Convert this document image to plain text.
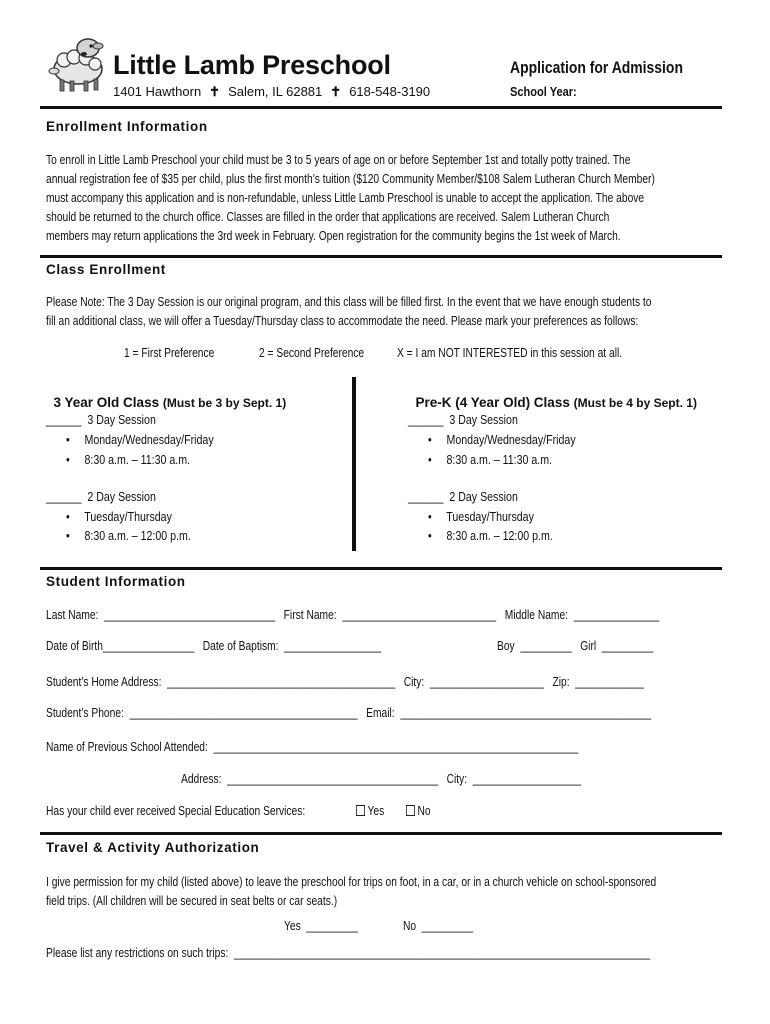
Little Lamb Preschool
1401 Hawthorn ✝ Salem, IL 62881 ✝ 618-548-3190
Application for Admission
School Year:
Enrollment Information
To enroll in Little Lamb Preschool your child must be 3 to 5 years of age on or before September 1st and totally potty trained. The
annual registration fee of $35 per child, plus the first month’s tuition ($120 Community Member/$108 Salem Lutheran Church Member)
must accompany this application and is non-refundable, unless Little Lamb Preschool is unable to accept the application. The above
should be returned to the church office. Classes are filled in the order that applications are received. Salem Lutheran Church
members may return applications the 3rd week in February. Open registration for the community begins the 1st week of March.
Class Enrollment
Please Note: The 3 Day Session is our original program, and this class will be filled first. In the event that we have enough students to
fill an additional class, we will offer a Tuesday/Thursday class to accommodate the need. Please mark your preferences as follows:
1 = First Preference	2 = Second Preference	X = I am NOT INTERESTED in this session at all.

3 Year Old Class (Must be 3 by Sept. 1)

______  3 Day Session
•     Monday/Wednesday/Friday
•     8:30 a.m. – 11:30 a.m.
______  2 Day Session
•     Tuesday/Thursday
•     8:30 a.m. – 12:00 p.m.

Pre-K (4 Year Old) Class (Must be 4 by Sept. 1)

______  3 Day Session
•     Monday/Wednesday/Friday
•     8:30 a.m. – 11:30 a.m.
______  2 Day Session
•     Tuesday/Thursday
•     8:30 a.m. – 12:00 p.m.
Student Information
Last Name:  ______________________________   First Name:  ___________________________   Middle Name:  _______________
Date of Birth________________   Date of Baptism:  _________________	Boy  _________   Girl  _________
Student’s Home Address:  ________________________________________   City:  ____________________   Zip:  ____________
Student’s Phone:  ________________________________________   Email:  ____________________________________________
Name of Previous School Attended:  ________________________________________________________________
Address:  _____________________________________   City:  ___________________
Has your child ever received Special Education Services:	Yes	No
Travel & Activity Authorization
I give permission for my child (listed above) to leave the preschool for trips on foot, in a car, or in a church vehicle on school-sponsored
field trips. (All children will be secured in seat belts or car seats.)
Yes  _________	No  _________
Please list any restrictions on such trips:  _________________________________________________________________________
